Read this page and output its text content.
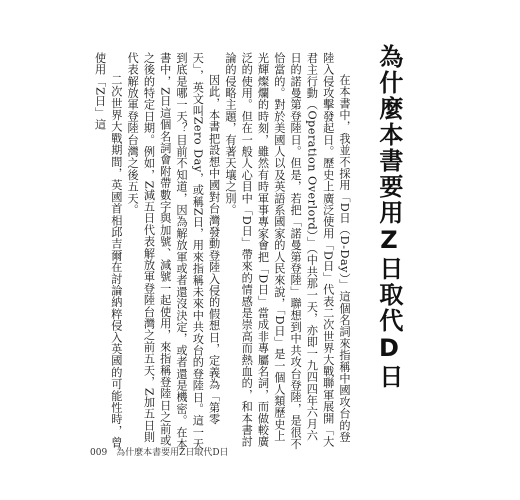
為什麼本書要用Z日取代D日

在本書中，我並不採用「D日（D-Day）」這個名詞來指稱中國攻台的登陸入侵攻擊發起日。歷史上廣泛使用「D日」代表二次世界大戰聯軍展開「大君主行動（Operation Overlord）」（中共那一天，亦即一九四四年六月六日的諾曼第登陸日。但是，若把「諾曼第登陸」聯想到中共攻台登陸，是很不恰當的。對於美國人以及英語系國家的人民來說，「D日」是一個人類歷史上光輝燦爛的時刻，雖然有時軍事專家會把「D日」當成非專屬名詞，而做較廣泛的使用。但在一般人心目中「D日」帶來的情感是崇高而熱血的，和本書討論的侵略主題，有著天壤之別。

因此，本書把設想中國對台灣發動登陸入侵的假想日，定義為「第零天」，英文叫Zero Day，或稱Z日，用來指稱未來中共攻台的登陸日。這一天到底是哪一天？目前不知道，因為解放軍或者還沒決定，或者還是機密。在本書中，Z日這個名詞會附帶數字與加號、減號一起使用，來指稱登陸日之前或之後的特定日期。例如，Z減五日代表解放軍登陸台灣之前五天，Z加五日則代表解放軍登陸台灣之後五天。

二次世界大戰期間，英國首相邱吉爾在討論納粹侵入英國的可能性時，曾使用「Z日」這

009 為什麼本書要用Z日取代D日
